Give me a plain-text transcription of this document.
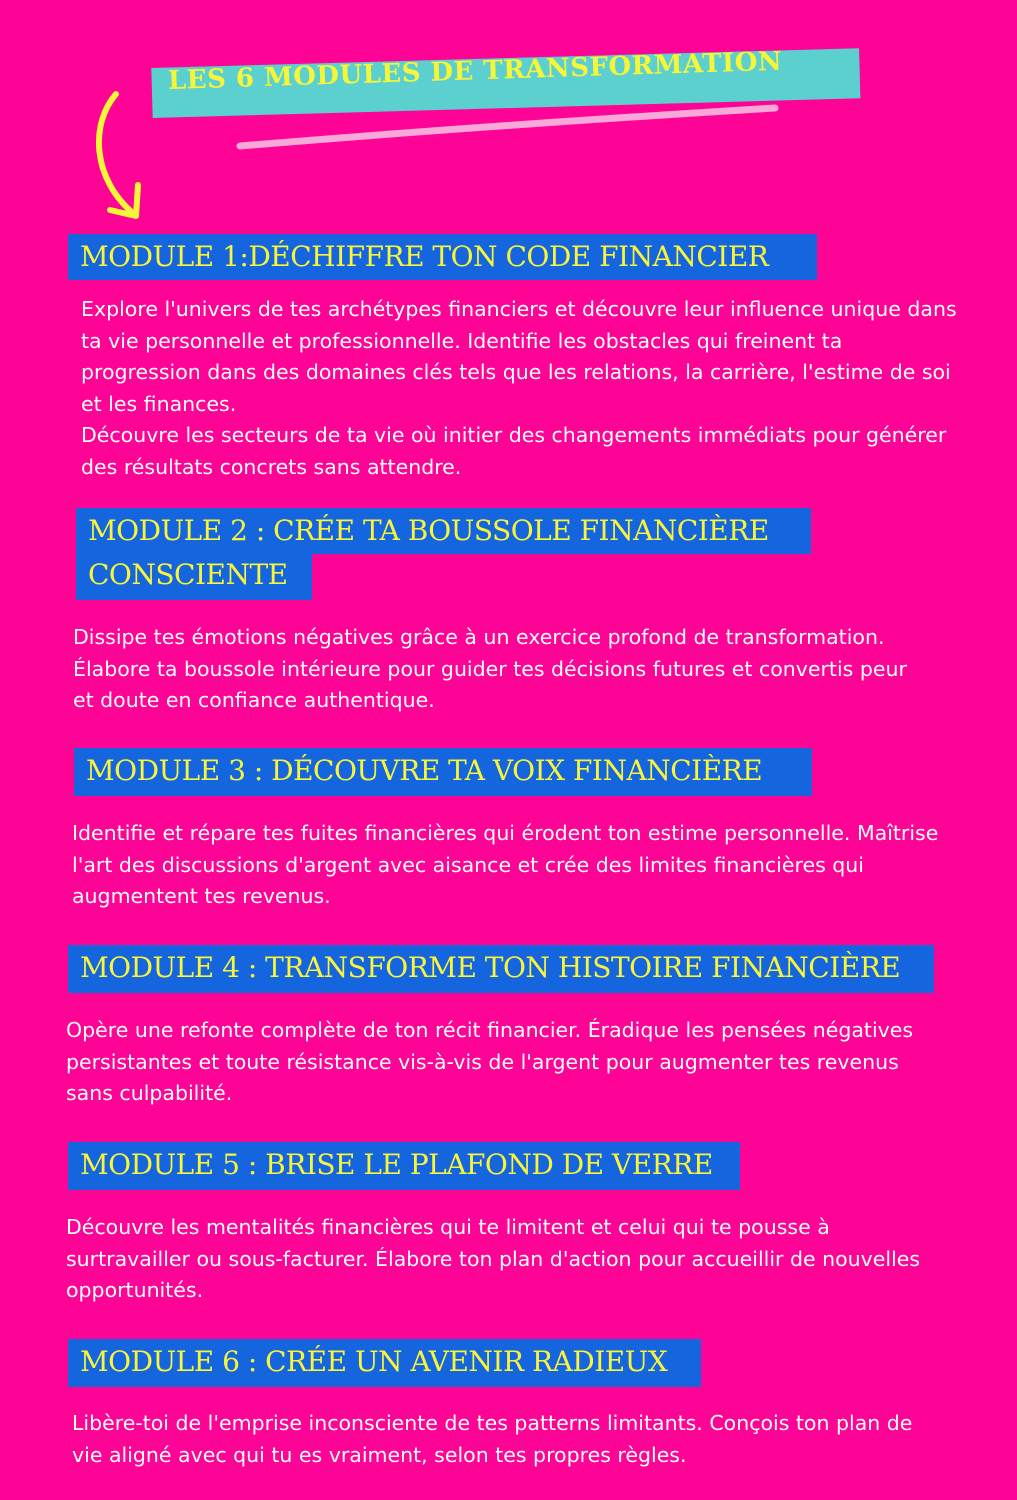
LES 6 MODULES DE TRANSFORMATION
MODULE 1:DÉCHIFFRE TON CODE FINANCIER
Explore l'univers de tes archétypes financiers et découvre leur influence unique dans ta vie personnelle et professionnelle. Identifie les obstacles qui freinent ta progression dans des domaines clés tels que les relations, la carrière, l'estime de soi et les finances.
Découvre les secteurs de ta vie où initier des changements immédiats pour générer des résultats concrets sans attendre.
MODULE 2 : CRÉE TA BOUSSOLE FINANCIÈRE
CONSCIENTE
Dissipe tes émotions négatives grâce à un exercice profond de transformation. Élabore ta boussole intérieure pour guider tes décisions futures et convertis peur et doute en confiance authentique.
MODULE 3 : DÉCOUVRE TA VOIX FINANCIÈRE
Identifie et répare tes fuites financières qui érodent ton estime personnelle. Maîtrise l'art des discussions d'argent avec aisance et crée des limites financières qui augmentent tes revenus.
MODULE 4 : TRANSFORME TON HISTOIRE FINANCIÈRE
Opère une refonte complète de ton récit financier. Éradique les pensées négatives persistantes et toute résistance vis-à-vis de l'argent pour augmenter tes revenus sans culpabilité.
MODULE 5 : BRISE LE PLAFOND DE VERRE
Découvre les mentalités financières qui te limitent et celui qui te pousse à surtravailler ou sous-facturer. Élabore ton plan d'action pour accueillir de nouvelles opportunités.
MODULE 6 : CRÉE UN AVENIR RADIEUX
Libère-toi de l'emprise inconsciente de tes patterns limitants. Conçois ton plan de vie aligné avec qui tu es vraiment, selon tes propres règles.
